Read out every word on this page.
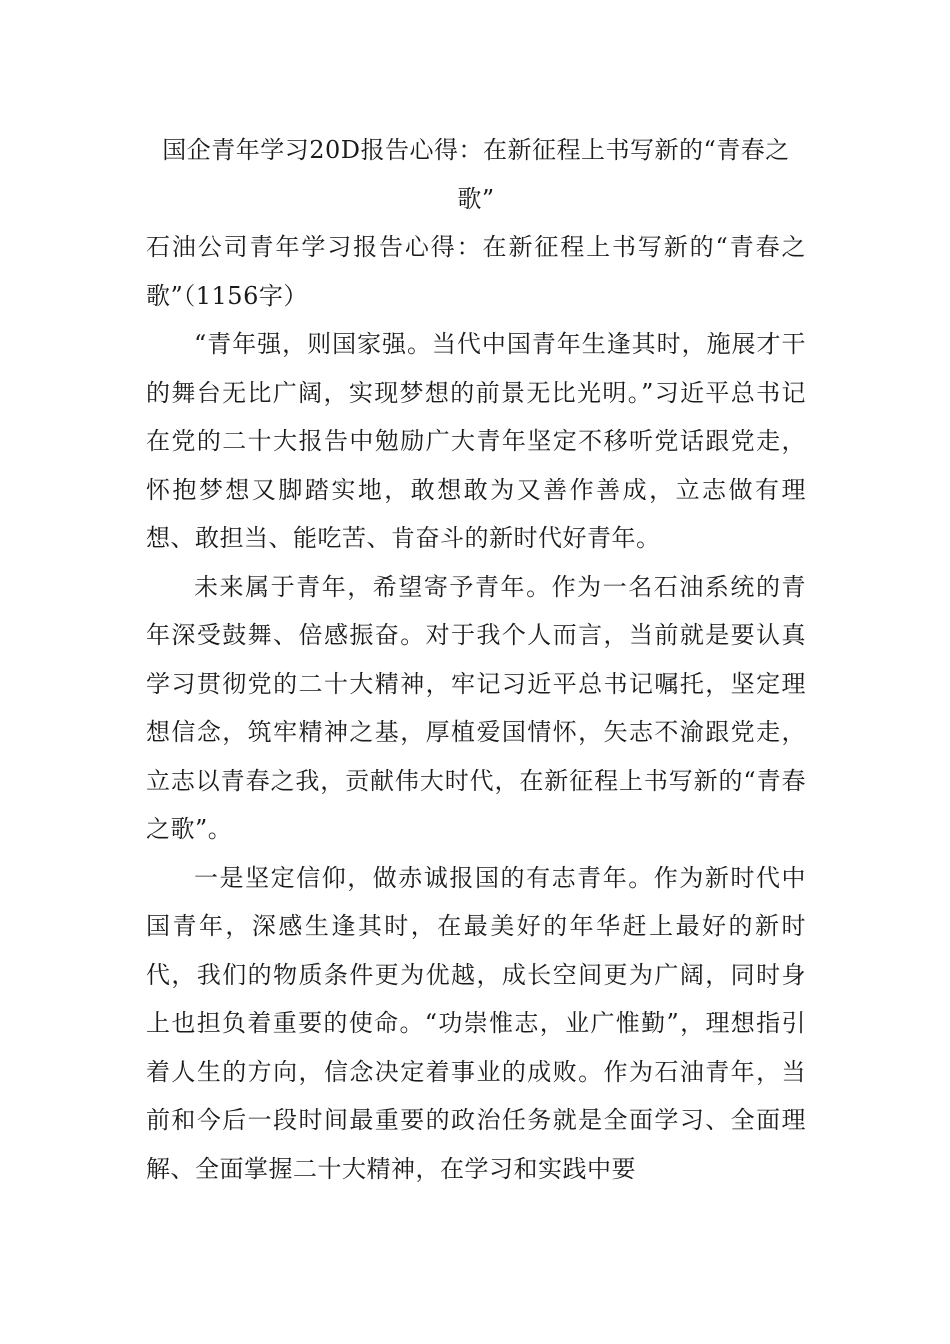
国企青年学习20D报告心得：在新征程上书写新的“青春之歌”

石油公司青年学习报告心得：在新征程上书写新的“青春之歌”（1156字）

“青年强，则国家强。当代中国青年生逢其时，施展才干的舞台无比广阔，实现梦想的前景无比光明。”习近平总书记在党的二十大报告中勉励广大青年坚定不移听党话跟党走，怀抱梦想又脚踏实地，敢想敢为又善作善成，立志做有理想、敢担当、能吃苦、肯奋斗的新时代好青年。

未来属于青年，希望寄予青年。作为一名石油系统的青年深受鼓舞、倍感振奋。对于我个人而言，当前就是要认真学习贯彻党的二十大精神，牢记习近平总书记嘱托，坚定理想信念，筑牢精神之基，厚植爱国情怀，矢志不渝跟党走，立志以青春之我，贡献伟大时代，在新征程上书写新的“青春之歌”。

一是坚定信仰，做赤诚报国的有志青年。作为新时代中国青年，深感生逢其时，在最美好的年华赶上最好的新时代，我们的物质条件更为优越，成长空间更为广阔，同时身上也担负着重要的使命。“功崇惟志，业广惟勤”，理想指引着人生的方向，信念决定着事业的成败。作为石油青年，当前和今后一段时间最重要的政治任务就是全面学习、全面理解、全面掌握二十大精神，在学习和实践中要
